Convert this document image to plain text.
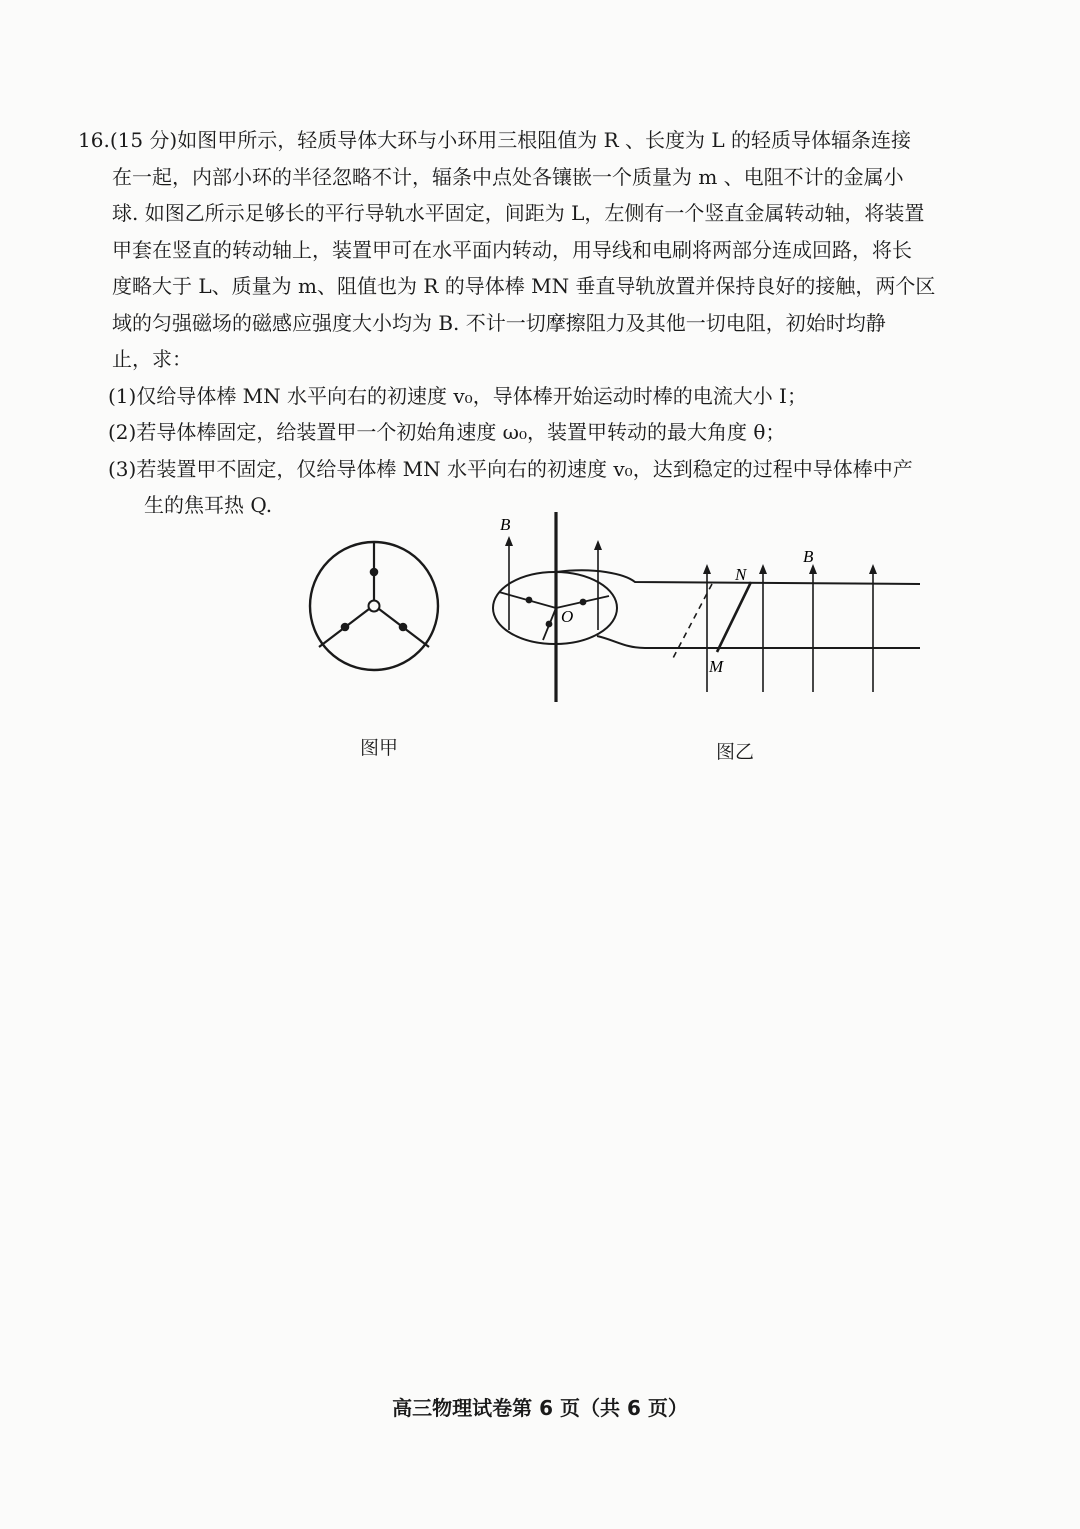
16.(15 分)如图甲所示，轻质导体大环与小环用三根阻值为 R 、长度为 L 的轻质导体辐条连接
在一起，内部小环的半径忽略不计，辐条中点处各镶嵌一个质量为 m 、电阻不计的金属小
球. 如图乙所示足够长的平行导轨水平固定，间距为 L，左侧有一个竖直金属转动轴，将装置
甲套在竖直的转动轴上，装置甲可在水平面内转动，用导线和电刷将两部分连成回路，将长
度略大于 L、质量为 m、阻值也为 R 的导体棒 MN 垂直导轨放置并保持良好的接触，两个区
域的匀强磁场的磁感应强度大小均为 B. 不计一切摩擦阻力及其他一切电阻，初始时均静
止，求：
(1)仅给导体棒 MN 水平向右的初速度 v₀，导体棒开始运动时棒的电流大小 I；
(2)若导体棒固定，给装置甲一个初始角速度 ω₀，装置甲转动的最大角度 θ；
(3)若装置甲不固定，仅给导体棒 MN 水平向右的初速度 v₀，达到稳定的过程中导体棒中产
生的焦耳热 Q.
O
N
M
B
B
图甲	图乙
高三物理试卷第 6 页（共 6 页）
